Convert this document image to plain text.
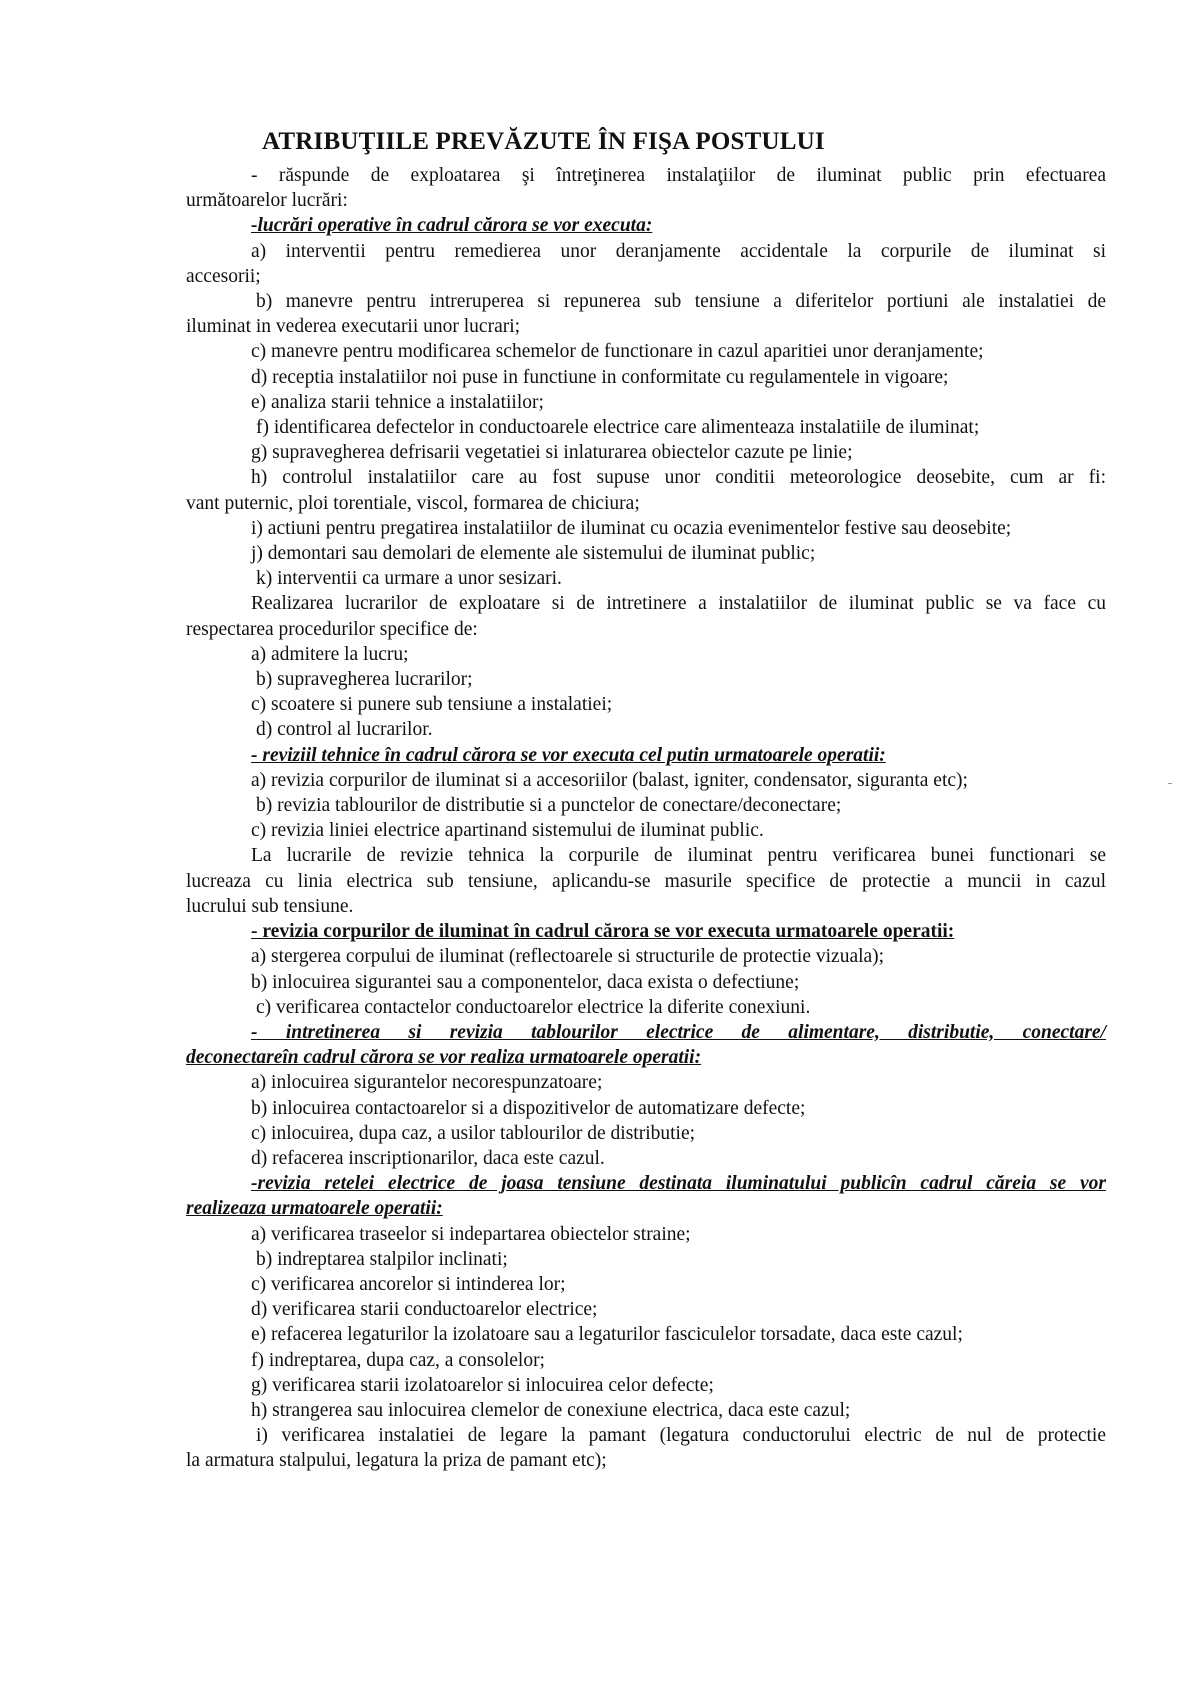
ATRIBUŢIILE PREVĂZUTE ÎN FIŞA POSTULUI
- răspunde de exploatarea şi întreţinerea instalaţiilor de iluminat public prin efectuarea
următoarelor lucrări:
-lucrări operative în cadrul cărora se vor executa:
a) interventii pentru remedierea unor deranjamente accidentale la corpurile de iluminat si
accesorii;
b) manevre pentru intreruperea si repunerea sub tensiune a diferitelor portiuni ale instalatiei de
iluminat in vederea executarii unor lucrari;
c) manevre pentru modificarea schemelor de functionare in cazul aparitiei unor deranjamente;
d) receptia instalatiilor noi puse in functiune in conformitate cu regulamentele in vigoare;
e) analiza starii tehnice a instalatiilor;
f) identificarea defectelor in conductoarele electrice care alimenteaza instalatiile de iluminat;
g) supravegherea defrisarii vegetatiei si inlaturarea obiectelor cazute pe linie;
h) controlul instalatiilor care au fost supuse unor conditii meteorologice deosebite, cum ar fi:
vant puternic, ploi torentiale, viscol, formarea de chiciura;
i) actiuni pentru pregatirea instalatiilor de iluminat cu ocazia evenimentelor festive sau deosebite;
j) demontari sau demolari de elemente ale sistemului de iluminat public;
k) interventii ca urmare a unor sesizari.
Realizarea lucrarilor de exploatare si de intretinere a instalatiilor de iluminat public se va face cu
respectarea procedurilor specifice de:
a) admitere la lucru;
b) supravegherea lucrarilor;
c) scoatere si punere sub tensiune a instalatiei;
d) control al lucrarilor.
- reviziil tehnice în cadrul cărora se vor executa cel putin urmatoarele operatii:
a) revizia corpurilor de iluminat si a accesoriilor (balast, igniter, condensator, siguranta etc);
b) revizia tablourilor de distributie si a punctelor de conectare/deconectare;
c) revizia liniei electrice apartinand sistemului de iluminat public.
La lucrarile de revizie tehnica la corpurile de iluminat pentru verificarea bunei functionari se
lucreaza cu linia electrica sub tensiune, aplicandu-se masurile specifice de protectie a muncii in cazul
lucrului sub tensiune.
- revizia corpurilor de iluminat în cadrul cărora se vor executa urmatoarele operatii:
a) stergerea corpului de iluminat (reflectoarele si structurile de protectie vizuala);
b) inlocuirea sigurantei sau a componentelor, daca exista o defectiune;
c) verificarea contactelor conductoarelor electrice la diferite conexiuni.
- intretinerea si revizia tablourilor electrice de alimentare, distributie, conectare/
deconectareîn cadrul cărora se vor realiza urmatoarele operatii:
a) inlocuirea sigurantelor necorespunzatoare;
b) inlocuirea contactoarelor si a dispozitivelor de automatizare defecte;
c) inlocuirea, dupa caz, a usilor tablourilor de distributie;
d) refacerea inscriptionarilor, daca este cazul.
-revizia retelei electrice de joasa tensiune destinata iluminatului publicîn cadrul căreia se vor
realizeaza urmatoarele operatii:
a) verificarea traseelor si indepartarea obiectelor straine;
b) indreptarea stalpilor inclinati;
c) verificarea ancorelor si intinderea lor;
d) verificarea starii conductoarelor electrice;
e) refacerea legaturilor la izolatoare sau a legaturilor fasciculelor torsadate, daca este cazul;
f) indreptarea, dupa caz, a consolelor;
g) verificarea starii izolatoarelor si inlocuirea celor defecte;
h) strangerea sau inlocuirea clemelor de conexiune electrica, daca este cazul;
i) verificarea instalatiei de legare la pamant (legatura conductorului electric de nul de protectie
la armatura stalpului, legatura la priza de pamant etc);
